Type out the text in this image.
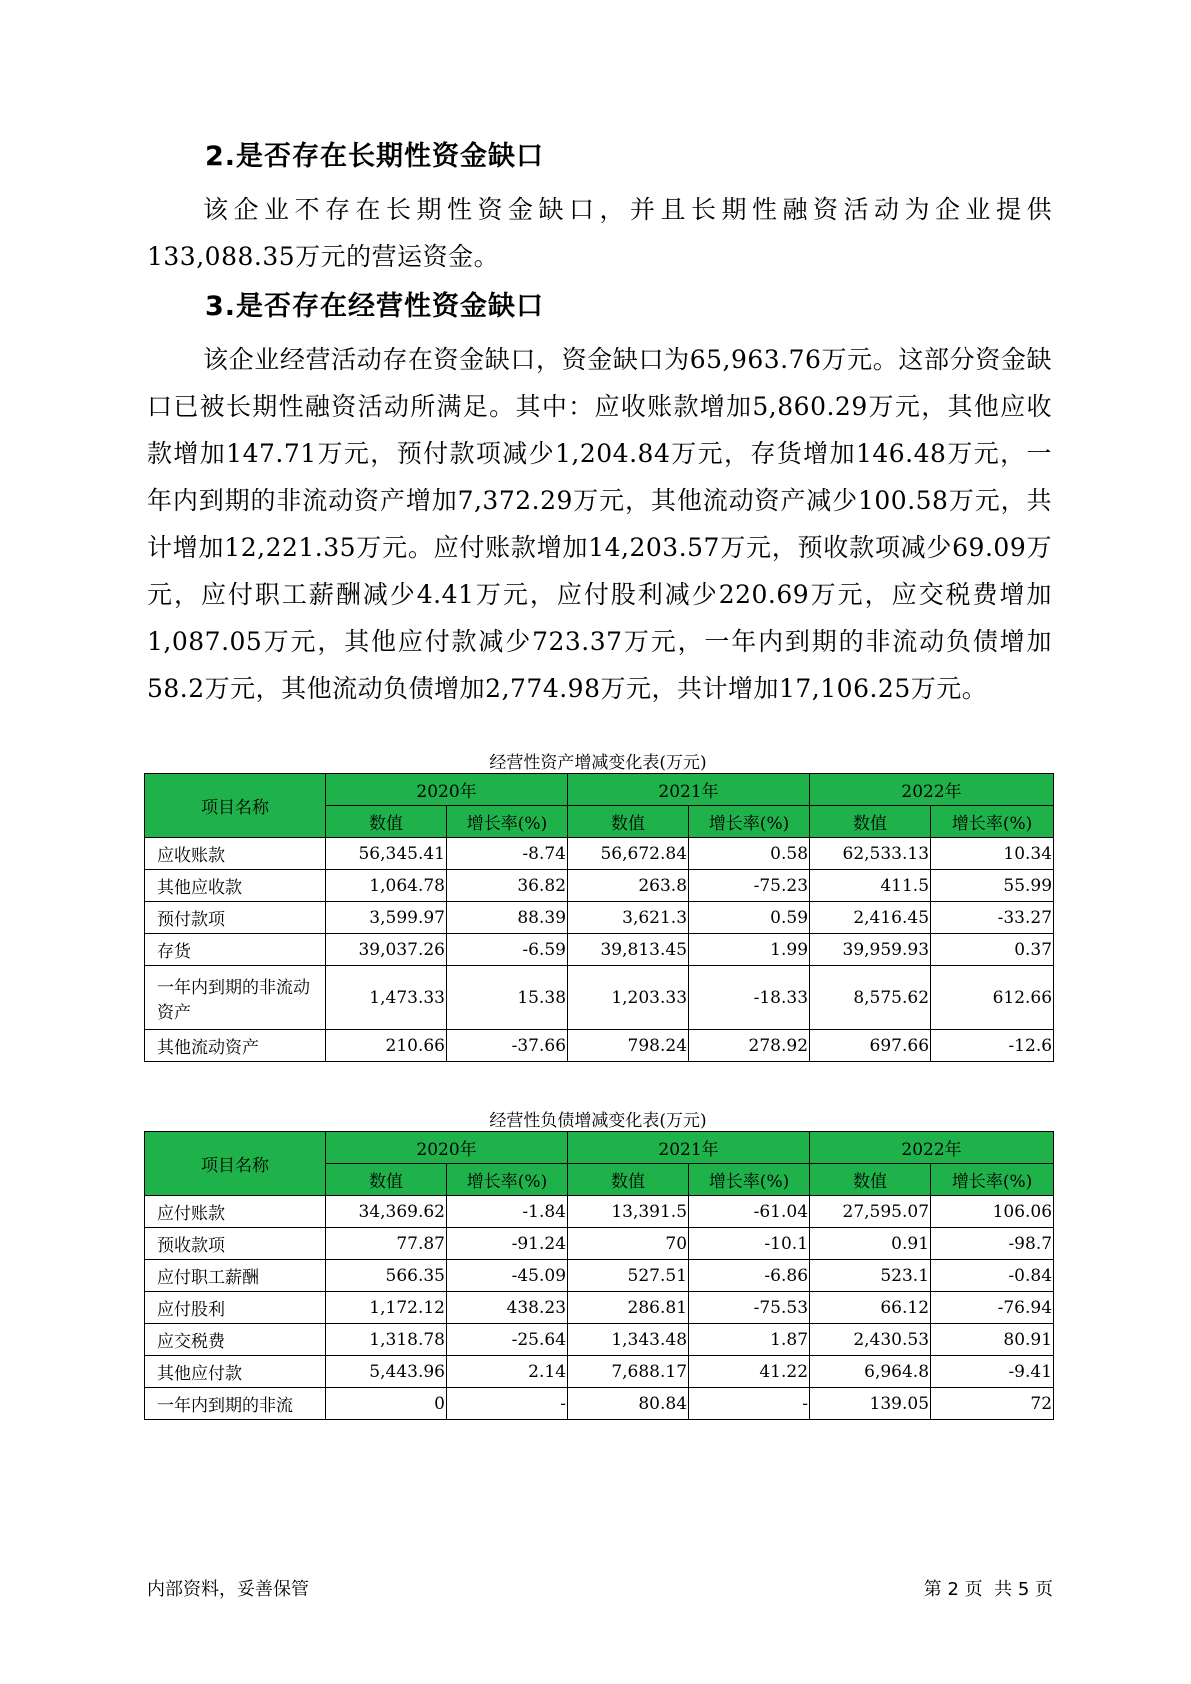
2.是否存在长期性资金缺口

该企业不存在长期性资金缺口，并且长期性融资活动为企业提供133,088.35万元的营运资金。

3.是否存在经营性资金缺口

该企业经营活动存在资金缺口，资金缺口为65,963.76万元。这部分资金缺口已被长期性融资活动所满足。其中：应收账款增加5,860.29万元，其他应收款增加147.71万元，预付款项减少1,204.84万元，存货增加146.48万元，一年内到期的非流动资产增加7,372.29万元，其他流动资产减少100.58万元，共计增加12,221.35万元。应付账款增加14,203.57万元，预收款项减少69.09万元，应付职工薪酬减少4.41万元，应付股利减少220.69万元，应交税费增加1,087.05万元，其他应付款减少723.37万元，一年内到期的非流动负债增加58.2万元，其他流动负债增加2,774.98万元，共计增加17,106.25万元。

经营性资产增减变化表(万元)

项目名称	2020年		2021年		2022年	
	数值	增长率(%)	数值	增长率(%)	数值	增长率(%)
应收账款	56,345.41	-8.74	56,672.84	0.58	62,533.13	10.34
其他应收款	1,064.78	36.82	263.8	-75.23	411.5	55.99
预付款项	3,599.97	88.39	3,621.3	0.59	2,416.45	-33.27
存货	39,037.26	-6.59	39,813.45	1.99	39,959.93	0.37
一年内到期的非流动资产	1,473.33	15.38	1,203.33	-18.33	8,575.62	612.66
其他流动资产	210.66	-37.66	798.24	278.92	697.66	-12.6

经营性负债增减变化表(万元)

项目名称	2020年		2021年		2022年	
	数值	增长率(%)	数值	增长率(%)	数值	增长率(%)
应付账款	34,369.62	-1.84	13,391.5	-61.04	27,595.07	106.06
预收款项	77.87	-91.24	70	-10.1	0.91	-98.7
应付职工薪酬	566.35	-45.09	527.51	-6.86	523.1	-0.84
应付股利	1,172.12	438.23	286.81	-75.53	66.12	-76.94
应交税费	1,318.78	-25.64	1,343.48	1.87	2,430.53	80.91
其他应付款	5,443.96	2.14	7,688.17	41.22	6,964.8	-9.41
一年内到期的非流	0	-	80.84	-	139.05	72

内部资料，妥善保管	第 2 页  共 5 页
